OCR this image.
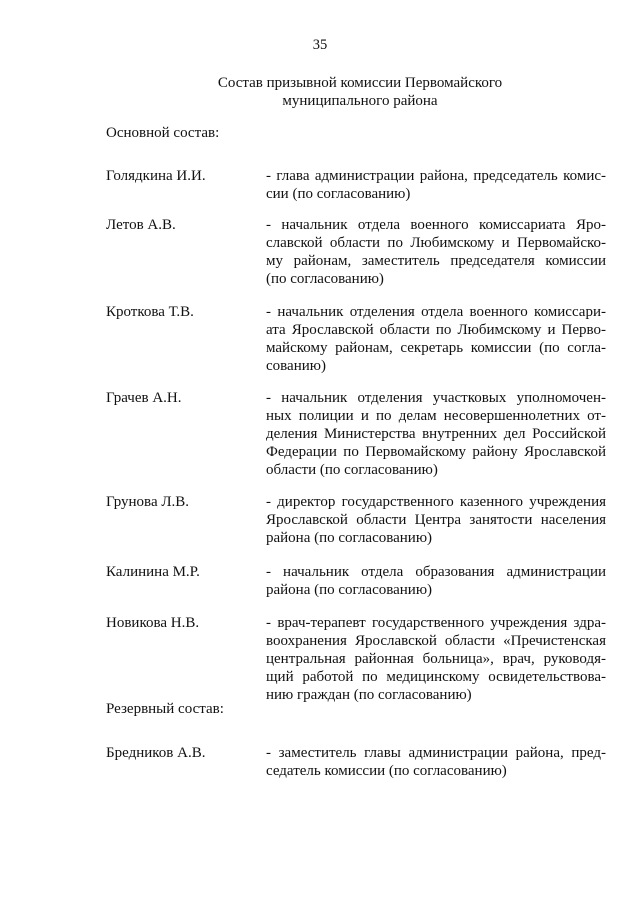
35
Состав призывной комиссии Первомайского
муниципального района
Основной состав:
Голядкина И.И.	- глава администрации района, председатель комис-
сии (по согласованию)
Летов А.В.	- начальник отдела военного комиссариата Яро-
славской области по Любимскому и Первомайско-
му районам, заместитель председателя комиссии
(по согласованию)
Кроткова Т.В.	- начальник отделения отдела военного комиссари-
ата Ярославской области по Любимскому и Перво-
майскому районам, секретарь комиссии (по согла-
сованию)
Грачев А.Н.	- начальник отделения участковых уполномочен-
ных полиции и по делам несовершеннолетних от-
деления Министерства внутренних дел Российской
Федерации по Первомайскому району Ярославской
области (по согласованию)
Грунова Л.В.	- директор государственного казенного учреждения
Ярославской области Центра занятости населения
района (по согласованию)
Калинина М.Р.	- начальник отдела образования администрации
района (по согласованию)
Новикова Н.В.	- врач-терапевт государственного учреждения здра-
воохранения Ярославской области «Пречистенская
центральная районная больница», врач, руководя-
щий работой по медицинскому освидетельствова-
нию граждан (по согласованию)
Резервный состав:
Бредников А.В.	- заместитель главы администрации района, пред-
седатель комиссии (по согласованию)
